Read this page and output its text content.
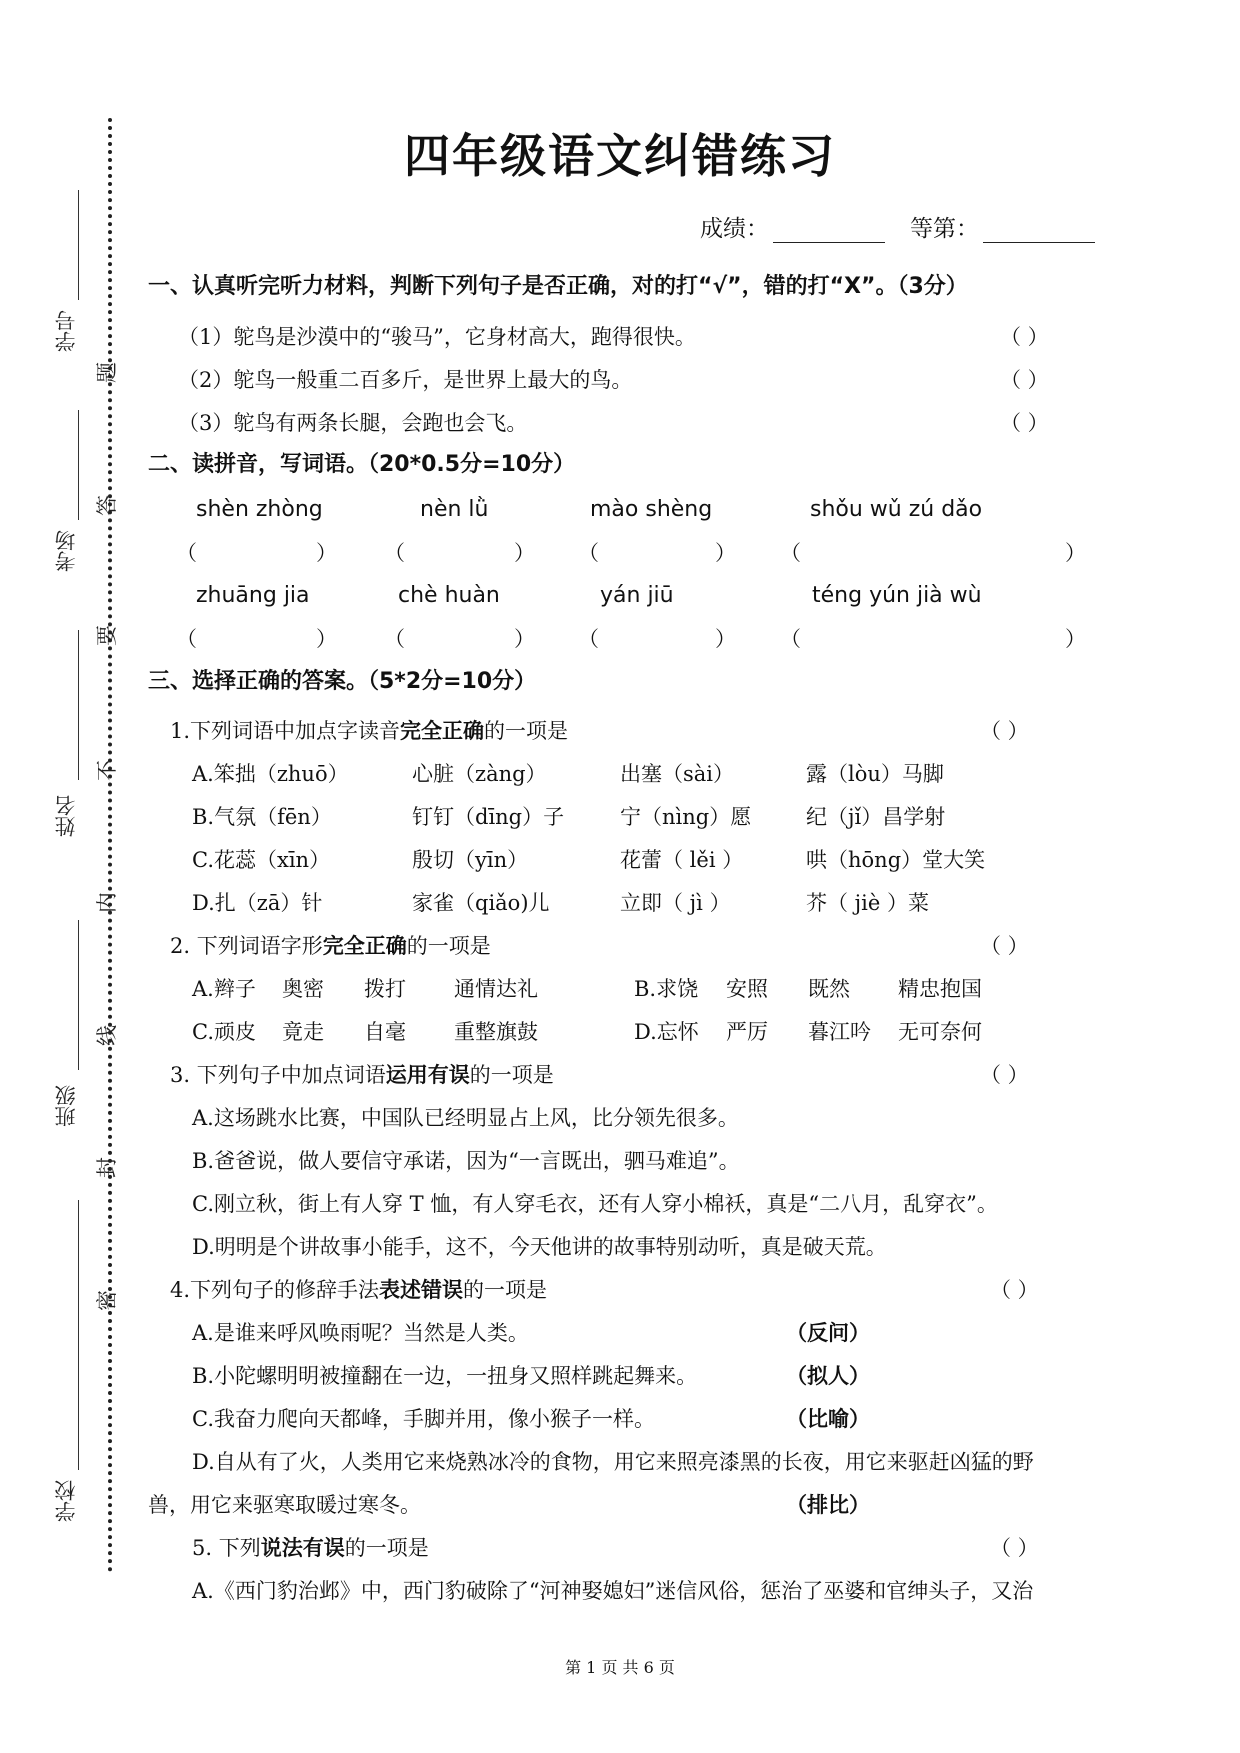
学号
考场
姓名
班级
学校
题
答
要
不
内
线
封
密
四年级语文纠错练习
成绩：	等第：
一、认真听完听力材料，判断下列句子是否正确，对的打“√”，错的打“X”。（3分）
（1）鸵鸟是沙漠中的“骏马”，它身材高大，跑得很快。	（ ）
（2）鸵鸟一般重二百多斤，是世界上最大的鸟。	（ ）
（3）鸵鸟有两条长腿，会跑也会飞。	（ ）
二、读拼音，写词语。（20*0.5分=10分）
shèn zhòng	nèn lǜ	mào shèng	shǒu wǔ zú dǎo
（	） （	） （	） （	）
zhuāng jia	chè huàn	yán jiū	téng yún jià wù
（	） （	） （	） （	）
三、选择正确的答案。（5*2分=10分）
1.下列词语中加点字读音完全正确的一项是	（ ）
A.笨拙（zhuō）	心脏（zàng）	出塞（sài）	露（lòu）马脚
B.气氛（fēn）	钉钉（dīng）子	宁（nìng）愿	纪（jǐ）昌学射
C.花蕊（xīn）	殷切（yīn）	花蕾（ lěi ）	哄（hōng）堂大笑
D.扎（zā）针	家雀（qiǎo)儿	立即（ jì ）	芥（ jiè ）菜
2. 下列词语字形完全正确的一项是	（ ）
A.辫子 奥密 拨打 通情达礼	B.求饶 安照 既然 精忠抱国
C.顽皮 竟走 自毫 重整旗鼓	D.忘怀 严厉 暮江吟 无可奈何
3. 下列句子中加点词语运用有误的一项是	（ ）
A.这场跳水比赛，中国队已经明显占上风，比分领先很多。
B.爸爸说，做人要信守承诺，因为“一言既出，驷马难追”。
C.刚立秋，街上有人穿 T 恤，有人穿毛衣，还有人穿小棉袄，真是“二八月，乱穿衣”。
D.明明是个讲故事小能手，这不，今天他讲的故事特别动听，真是破天荒。
4.下列句子的修辞手法表述错误的一项是	（ ）
A.是谁来呼风唤雨呢？当然是人类。	（反问）
B.小陀螺明明被撞翻在一边，一扭身又照样跳起舞来。	（拟人）
C.我奋力爬向天都峰，手脚并用，像小猴子一样。	（比喻）
D.自从有了火，人类用它来烧熟冰冷的食物，用它来照亮漆黑的长夜，用它来驱赶凶猛的野
兽，用它来驱寒取暖过寒冬。	（排比）
5. 下列说法有误的一项是	（ ）
A.《西门豹治邺》中，西门豹破除了“河神娶媳妇”迷信风俗，惩治了巫婆和官绅头子，又治
第 1 页 共 6 页
